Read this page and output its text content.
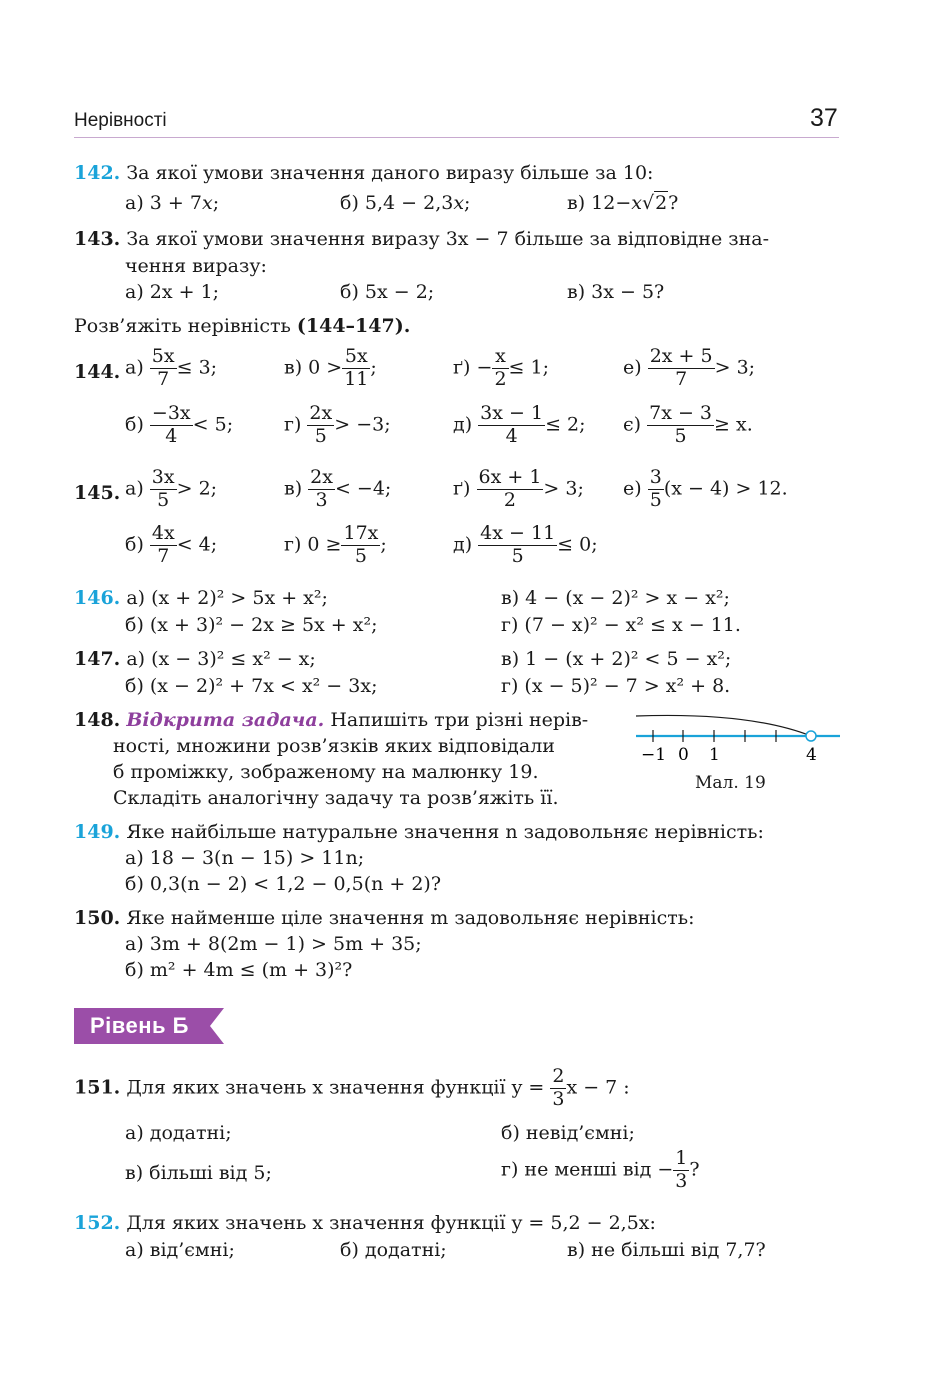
Нерівності	37
142. За якої умови значення даного виразу більше за 10:
а) 3 + 7x;	б) 5,4 − 2,3x;	в) 12−x√2?
143. За якої умови значення виразу 3x − 7 більше за відповідне зна-
чення виразу:
а) 2x + 1;	б) 5x − 2;	в) 3x − 5?
Розв’яжіть нерівність (144–147).
144. $а) \frac{5x}{7} \le 3$;	в) $0 > \frac{5x}{11}$ ;	$ґ) - \frac{x}{2} \le 1$;	$е) \frac{2x + 5}{7} > 3$;
$б) \frac{-3x}{4} < 5$;	$г) \frac{2x}{5} > -3$;	$д) \frac{3x - 1}{4} \le 2$; $є) \frac{7x - 3}{5} \ge x$.
145. $а) \frac{3x}{5} > 2$;	$в) \frac{2x}{3} < -4$;	$ґ) \frac{6x + 1}{2} > 3$; $е) \frac{3}{5} (x - 4) > 12$.
$б) \frac{4x}{7} < 4$;	г) $0 \ge \frac{17x}{5}$ ;	$д) \frac{4x - 11}{5} \le 0$;
146. а) (x + 2)² > 5x + x²;	в) 4 − (x − 2)² > x − x²;
б) (x + 3)² − 2x ≥ 5x + x²;	г) (7 − x)² − x² ≤ x − 11.
147. а) (x − 3)² ≤ x² − x;	в) 1 − (x + 2)² < 5 − x²;
б) (x − 2)² + 7x < x² − 3x;	г) (x − 5)² − 7 > x² + 8.
148. Відкрита задача. Напишіть три різні нерів-
ності, множини розв’язків яких відповідали
б проміжку, зображеному на малюнку 19.
Складіть аналогічну задачу та розв’яжіть її.
−1 0 1	4
Мал. 19
149. Яке найбільше натуральне значення n задовольняє нерівність:
а) 18 − 3(n − 15) > 11n;
б) 0,3(n − 2) < 1,2 − 0,5(n + 2)?
150. Яке найменше ціле значення m задовольняє нерівність:
а) 3m + 8(2m − 1) > 5m + 35;
б) m² + 4m ≤ (m + 3)²?
Рівень Б
151. Для яких значень x значення функції $y = \frac{2}{3}$ x − 7 :
а) додатні;	б) невід’ємні;
в) більші від 5;	г) не менші від − $\frac{1}{3}$ ?
152. Для яких значень x значення функції y = 5,2 − 2,5x:
а) від’ємні;	б) додатні;	в) не більші від 7,7?
